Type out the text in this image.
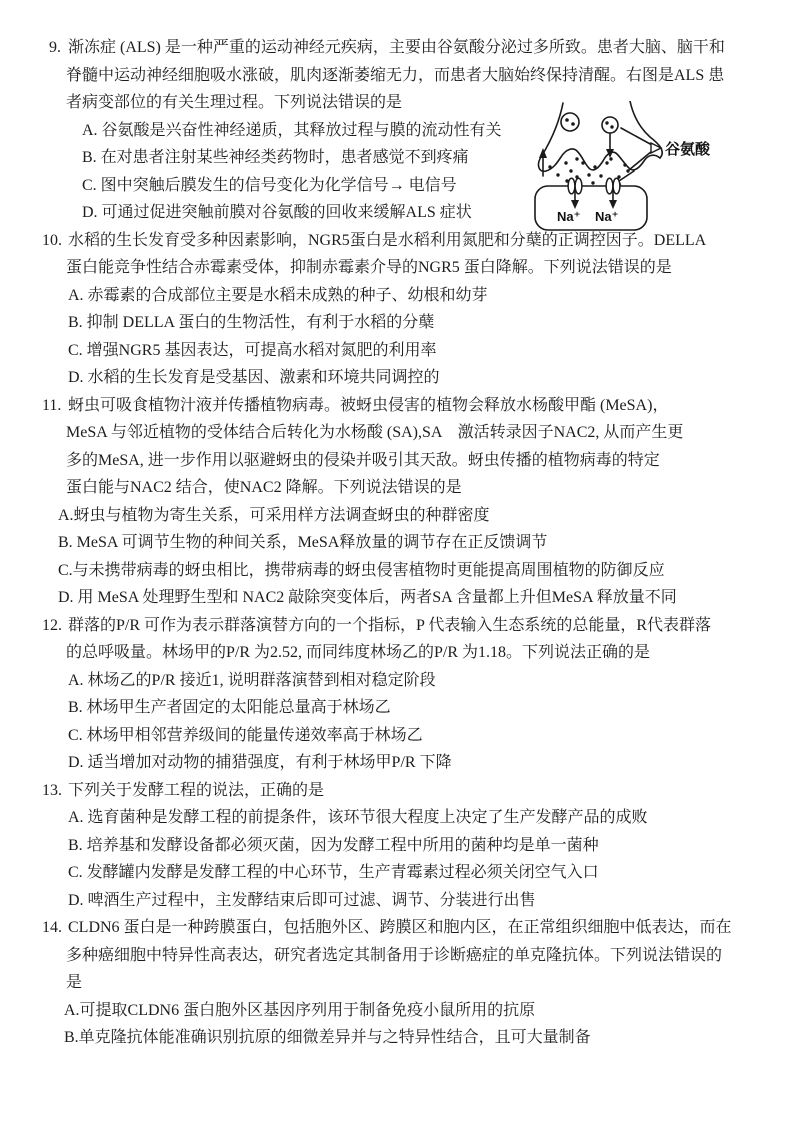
9. 渐冻症 (ALS) 是一种严重的运动神经元疾病，主要由谷氨酸分泌过多所致。患者大脑、脑干和
脊髓中运动神经细胞吸水涨破，肌肉逐渐萎缩无力，而患者大脑始终保持清醒。右图是ALS 患
者病变部位的有关生理过程。下列说法错误的是
A. 谷氨酸是兴奋性神经递质，其释放过程与膜的流动性有关
B. 在对患者注射某些神经类药物时，患者感觉不到疼痛
C. 图中突触后膜发生的信号变化为化学信号→ 电信号
D. 可通过促进突触前膜对谷氨酸的回收来缓解ALS 症状
10. 水稻的生长发育受多种因素影响，NGR5蛋白是水稻利用氮肥和分蘖的正调控因子。DELLA
蛋白能竞争性结合赤霉素受体，抑制赤霉素介导的NGR5 蛋白降解。下列说法错误的是
A. 赤霉素的合成部位主要是水稻未成熟的种子、幼根和幼芽
B. 抑制 DELLA 蛋白的生物活性，有利于水稻的分蘖
C. 增强NGR5 基因表达，可提高水稻对氮肥的利用率
D. 水稻的生长发育是受基因、激素和环境共同调控的
11. 蚜虫可吸食植物汁液并传播植物病毒。被蚜虫侵害的植物会释放水杨酸甲酯 (MeSA)，
MeSA 与邻近植物的受体结合后转化为水杨酸 (SA),SA　激活转录因子NAC2, 从而产生更
多的MeSA, 进一步作用以驱避蚜虫的侵染并吸引其天敌。蚜虫传播的植物病毒的特定
蛋白能与NAC2 结合，使NAC2 降解。下列说法错误的是
A.蚜虫与植物为寄生关系，可采用样方法调查蚜虫的种群密度
B. MeSA 可调节生物的种间关系，MeSA释放量的调节存在正反馈调节
C.与未携带病毒的蚜虫相比，携带病毒的蚜虫侵害植物时更能提高周围植物的防御反应
D. 用 MeSA 处理野生型和 NAC2 敲除突变体后，两者SA 含量都上升但MeSA 释放量不同
12. 群落的P/R 可作为表示群落演替方向的一个指标，P 代表输入生态系统的总能量，R代表群落
的总呼吸量。林场甲的P/R 为2.52, 而同纬度林场乙的P/R 为1.18。下列说法正确的是
A. 林场乙的P/R 接近1, 说明群落演替到相对稳定阶段
B. 林场甲生产者固定的太阳能总量高于林场乙
C. 林场甲相邻营养级间的能量传递效率高于林场乙
D. 适当增加对动物的捕猎强度，有利于林场甲P/R 下降
13. 下列关于发酵工程的说法，正确的是
A. 选育菌种是发酵工程的前提条件，该环节很大程度上决定了生产发酵产品的成败
B. 培养基和发酵设备都必须灭菌，因为发酵工程中所用的菌种均是单一菌种
C. 发酵罐内发酵是发酵工程的中心环节，生产青霉素过程必须关闭空气入口
D. 啤酒生产过程中，主发酵结束后即可过滤、调节、分装进行出售
14. CLDN6 蛋白是一种跨膜蛋白，包括胞外区、跨膜区和胞内区，在正常组织细胞中低表达，而在
多种癌细胞中特异性高表达，研究者选定其制备用于诊断癌症的单克隆抗体。下列说法错误的
是
A.可提取CLDN6 蛋白胞外区基因序列用于制备免疫小鼠所用的抗原
B.单克隆抗体能准确识别抗原的细微差异并与之特异性结合，且可大量制备
谷氨酸
Na⁺ Na⁺
